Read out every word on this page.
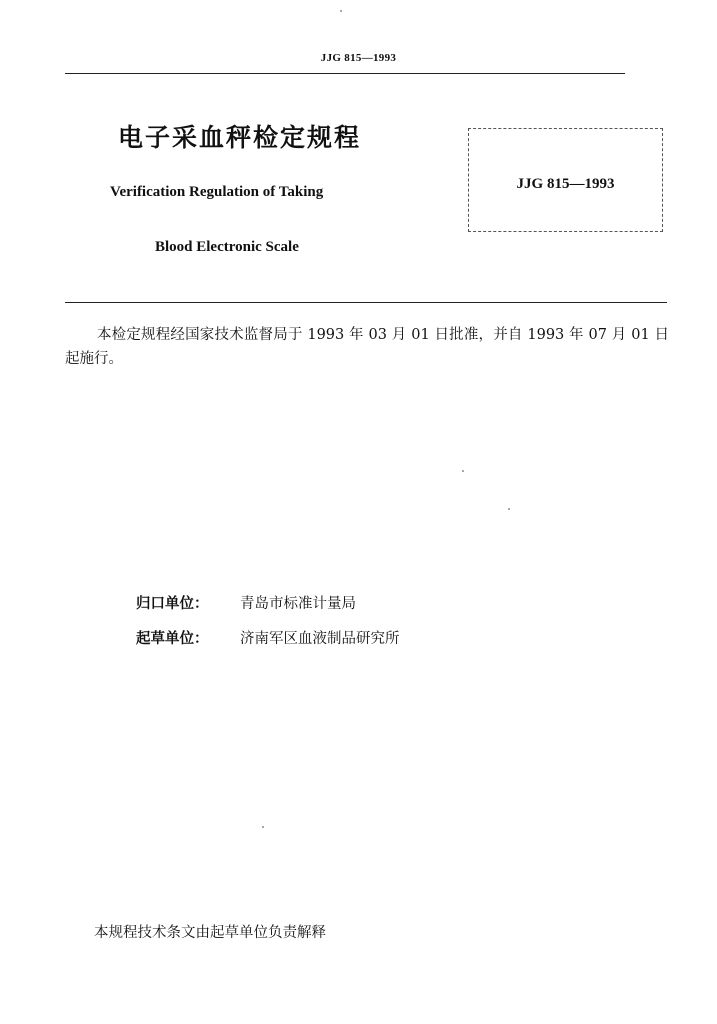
JJG 815—1993
电子采血秤检定规程
Verification Regulation of Taking
Blood Electronic Scale
JJG 815—1993
本检定规程经国家技术监督局于 1993 年 03 月 01 日批准，并自 1993 年 07 月 01 日起施行。
归口单位：	青岛市标准计量局
起草单位：	济南军区血液制品研究所
本规程技术条文由起草单位负责解释
